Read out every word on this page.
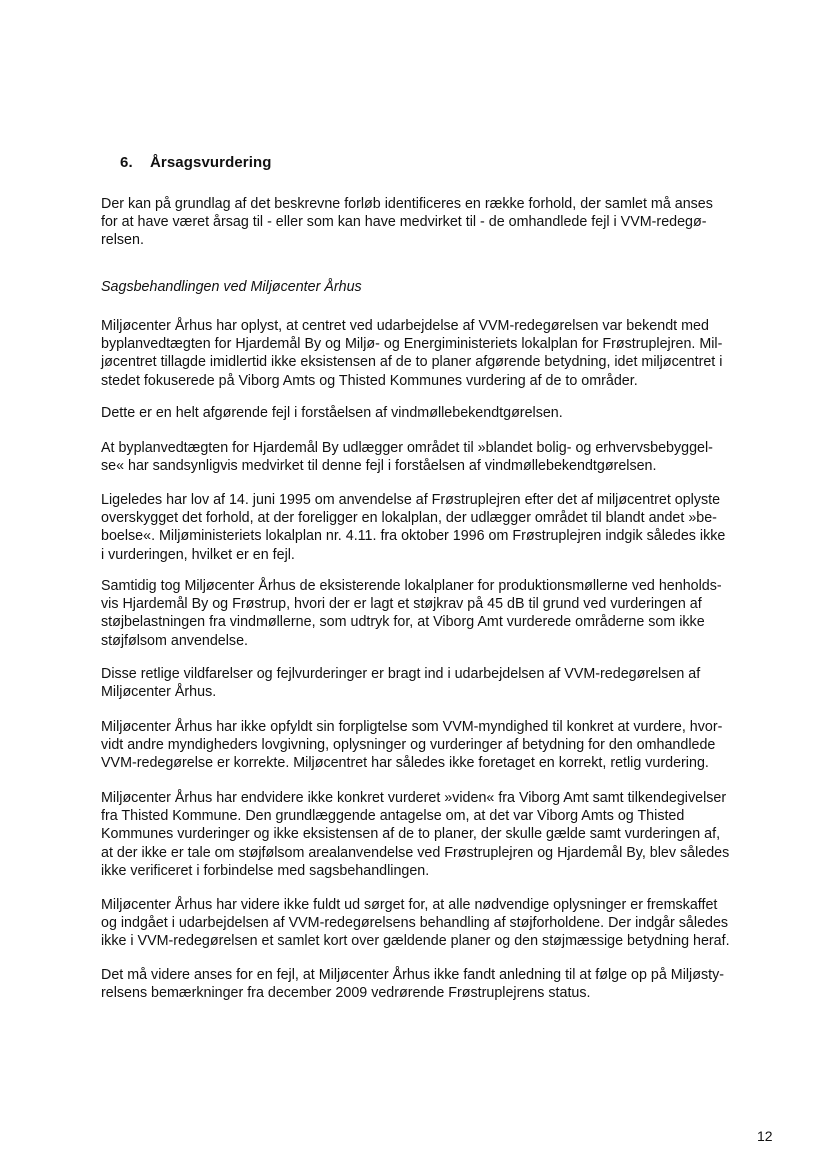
6. Årsagsvurdering

Der kan på grundlag af det beskrevne forløb identificeres en række forhold, der samlet må anses
for at have været årsag til - eller som kan have medvirket til - de omhandlede fejl i VVM-redegø-
relsen.

Sagsbehandlingen ved Miljøcenter Århus

Miljøcenter Århus har oplyst, at centret ved udarbejdelse af VVM-redegørelsen var bekendt med
byplanvedtægten for Hjardemål By og Miljø- og Energiministeriets lokalplan for Frøstruplejren. Mil-
jøcentret tillagde imidlertid ikke eksistensen af de to planer afgørende betydning, idet miljøcentret i
stedet fokuserede på Viborg Amts og Thisted Kommunes vurdering af de to områder.

Dette er en helt afgørende fejl i forståelsen af vindmøllebekendtgørelsen.

At byplanvedtægten for Hjardemål By udlægger området til »blandet bolig- og erhvervsbebyggel-
se« har sandsynligvis medvirket til denne fejl i forståelsen af vindmøllebekendtgørelsen.

Ligeledes har lov af 14. juni 1995 om anvendelse af Frøstruplejren efter det af miljøcentret oplyste
overskygget det forhold, at der foreligger en lokalplan, der udlægger området til blandt andet »be-
boelse«. Miljøministeriets lokalplan nr. 4.11. fra oktober 1996 om Frøstruplejren indgik således ikke
i vurderingen, hvilket er en fejl.

Samtidig tog Miljøcenter Århus de eksisterende lokalplaner for produktionsmøllerne ved henholds-
vis Hjardemål By og Frøstrup, hvori der er lagt et støjkrav på 45 dB til grund ved vurderingen af
støjbelastningen fra vindmøllerne, som udtryk for, at Viborg Amt vurderede områderne som ikke
støjfølsom anvendelse.

Disse retlige vildfarelser og fejlvurderinger er bragt ind i udarbejdelsen af VVM-redegørelsen af
Miljøcenter Århus.

Miljøcenter Århus har ikke opfyldt sin forpligtelse som VVM-myndighed til konkret at vurdere, hvor-
vidt andre myndigheders lovgivning, oplysninger og vurderinger af betydning for den omhandlede
VVM-redegørelse er korrekte. Miljøcentret har således ikke foretaget en korrekt, retlig vurdering.

Miljøcenter Århus har endvidere ikke konkret vurderet »viden« fra Viborg Amt samt tilkendegivelser
fra Thisted Kommune. Den grundlæggende antagelse om, at det var Viborg Amts og Thisted
Kommunes vurderinger og ikke eksistensen af de to planer, der skulle gælde samt vurderingen af,
at der ikke er tale om støjfølsom arealanvendelse ved Frøstruplejren og Hjardemål By, blev således
ikke verificeret i forbindelse med sagsbehandlingen.

Miljøcenter Århus har videre ikke fuldt ud sørget for, at alle nødvendige oplysninger er fremskaffet
og indgået i udarbejdelsen af VVM-redegørelsens behandling af støjforholdene. Der indgår således
ikke i VVM-redegørelsen et samlet kort over gældende planer og den støjmæssige betydning heraf.

Det må videre anses for en fejl, at Miljøcenter Århus ikke fandt anledning til at følge op på Miljøsty-
relsens bemærkninger fra december 2009 vedrørende Frøstruplejrens status.

12
